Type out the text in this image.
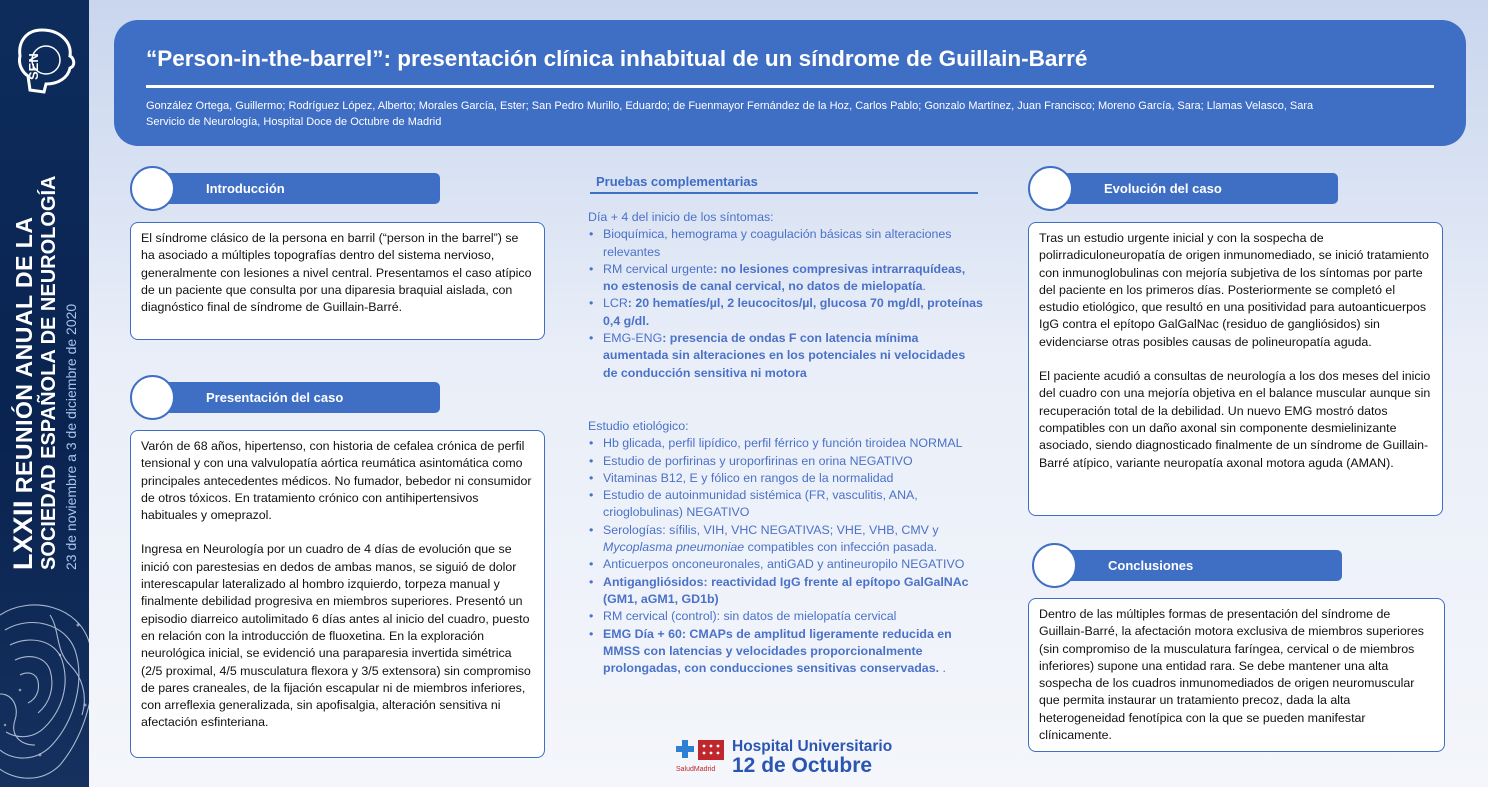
SEN
LXXII REUNIÓN ANUAL DE LA SOCIEDAD ESPAÑOLA DE NEUROLOGÍA 23 de noviembre a 3 de diciembre de 2020
“Person-in-the-barrel”: presentación clínica inhabitual de un síndrome de Guillain-Barré
González Ortega, Guillermo; Rodríguez López, Alberto; Morales García, Ester; San Pedro Murillo, Eduardo; de Fuenmayor Fernández de la Hoz, Carlos Pablo; Gonzalo Martínez, Juan Francisco; Moreno García, Sara; Llamas Velasco, Sara
Servicio de Neurología, Hospital Doce de Octubre de Madrid
Introducción

El síndrome clásico de la persona en barril (“person in the barrel”) se ha asociado a múltiples topografías dentro del sistema nervioso, generalmente con lesiones a nivel central. Presentamos el caso atípico de un paciente que consulta por una diparesia braquial aislada, con diagnóstico final de síndrome de Guillain-Barré.

Presentación del caso

Varón de 68 años, hipertenso, con historia de cefalea crónica de perfil tensional y con una valvulopatía aórtica reumática asintomática como principales antecedentes médicos. No fumador, bebedor ni consumidor de otros tóxicos. En tratamiento crónico con antihipertensivos habituales y omeprazol.

Ingresa en Neurología por un cuadro de 4 días de evolución que se inició con parestesias en dedos de ambas manos, se siguió de dolor interescapular lateralizado al hombro izquierdo, torpeza manual y finalmente debilidad progresiva en miembros superiores. Presentó un episodio diarreico autolimitado 6 días antes al inicio del cuadro, puesto en relación con la introducción de fluoxetina. En la exploración neurológica inicial, se evidenció una paraparesia invertida simétrica (2/5 proximal, 4/5 musculatura flexora y 3/5 extensora) sin compromiso de pares craneales, de la fijación escapular ni de miembros inferiores, con arreflexia generalizada, sin apofisalgia, alteración sensitiva ni afectación esfinteriana.

Pruebas complementarias
Día + 4 del inicio de los síntomas:
• Bioquímica, hemograma y coagulación básicas sin alteraciones relevantes
• RM cervical urgente: no lesiones compresivas intrarraquídeas, no estenosis de canal cervical, no datos de mielopatía.
• LCR: 20 hematíes/µl, 2 leucocitos/µl, glucosa 70 mg/dl, proteínas 0,4 g/dl.
• EMG-ENG: presencia de ondas F con latencia mínima aumentada sin alteraciones en los potenciales ni velocidades de conducción sensitiva ni motora
Estudio etiológico:
• Hb glicada, perfil lipídico, perfil férrico y función tiroidea NORMAL
• Estudio de porfirinas y uroporfirinas en orina NEGATIVO
• Vitaminas B12, E y fólico en rangos de la normalidad
• Estudio de autoinmunidad sistémica (FR, vasculitis, ANA, crioglobulinas) NEGATIVO
• Serologías: sífilis, VIH, VHC NEGATIVAS; VHE, VHB, CMV y Mycoplasma pneumoniae compatibles con infección pasada.
• Anticuerpos onconeuronales, antiGAD y antineuropilo NEGATIVO
• Antigangliósidos: reactividad IgG frente al epítopo GalGalNAc (GM1, aGM1, GD1b)
• RM cervical (control): sin datos de mielopatía cervical
• EMG Día + 60: CMAPs de amplitud ligeramente reducida en MMSS con latencias y velocidades proporcionalmente prolongadas, con conducciones sensitivas conservadas. .
SaludMadrid
Hospital Universitario
12 de Octubre
Evolución del caso

Tras un estudio urgente inicial y con la sospecha de polirradiculoneuropatía de origen inmunomediado, se inició tratamiento con inmunoglobulinas con mejoría subjetiva de los síntomas por parte del paciente en los primeros días. Posteriormente se completó el estudio etiológico, que resultó en una positividad para autoanticuerpos IgG contra el epítopo GalGalNac (residuo de gangliósidos) sin evidenciarse otras posibles causas de polineuropatía aguda.

El paciente acudió a consultas de neurología a los dos meses del inicio del cuadro con una mejoría objetiva en el balance muscular aunque sin recuperación total de la debilidad. Un nuevo EMG mostró datos compatibles con un daño axonal sin componente desmielinizante asociado, siendo diagnosticado finalmente de un síndrome de Guillain-Barré atípico, variante neuropatía axonal motora aguda (AMAN).

Conclusiones

Dentro de las múltiples formas de presentación del síndrome de Guillain-Barré, la afectación motora exclusiva de miembros superiores (sin compromiso de la musculatura faríngea, cervical o de miembros inferiores) supone una entidad rara. Se debe mantener una alta sospecha de los cuadros inmunomediados de origen neuromuscular que permita instaurar un tratamiento precoz, dada la alta heterogeneidad fenotípica con la que se pueden manifestar clínicamente.
